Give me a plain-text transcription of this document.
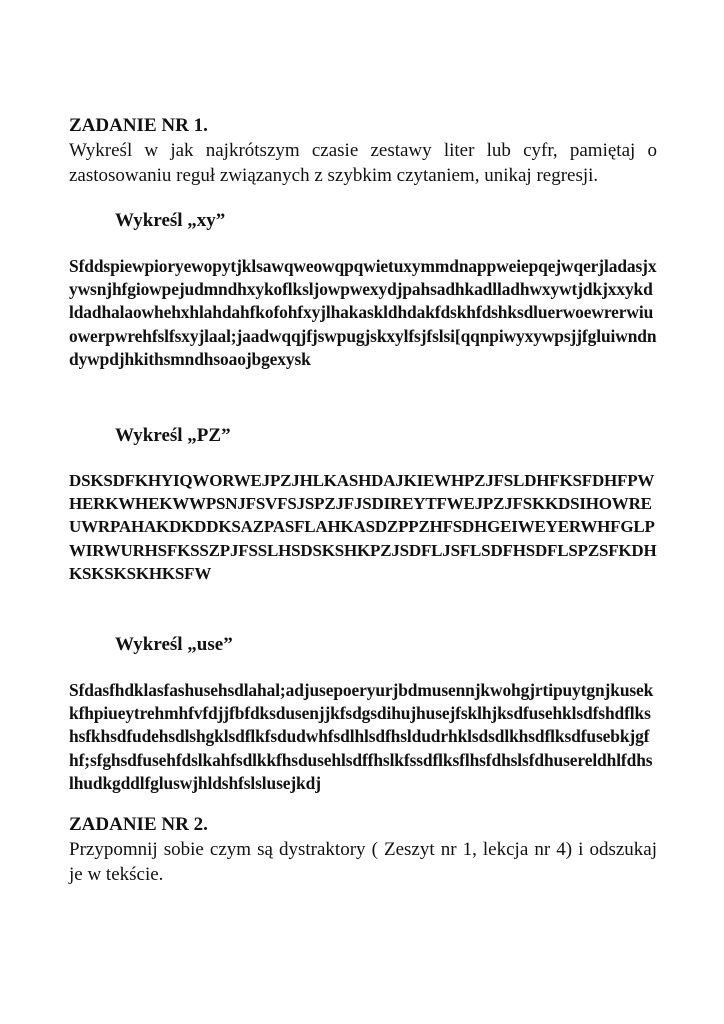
ZADANIE NR 1.

Wykreśl w jak najkrótszym czasie zestawy liter lub cyfr, pamiętaj o zastosowaniu reguł związanych z szybkim czytaniem, unikaj regresji.

Wykreśl „xy”

Sfddspiewpioryewopytjklsawqweowqpqwietuxymmdnappweiepqejwqerjladasjxywsnjhfgiowpejudmndhxykoflksljowpwexydjpahsadhkadlladhwxywtjdkjxxykdldadhalaowhehxhlahdahfkofohfxyjlhakaskldhdakfdskhfdshksdluerwoewrerwiuowerpwrehfslfsxyjlaal;jaadwqqjfjswpugjskxylfsjfslsi[qqnpiwyxywpsjjfgluiwndndywpdjhkithsmndhsoaojbgexysk

Wykreśl „PZ”

DSKSDFKHYIQWORWEJPZJHLKASHDAJKIEWHPZJFSLDHFKSFDHFPWHERKWHEKWWPSNJFSVFSJSPZJFJSDIREYTFWEJPZJFSKKDSIHOWREUWRPAHAKDKDDKSAZPASFLAHKASDZPPZHFSDHGEIWEYERWHFGLPWIRWURHSFKSSZPJFSSLHSDSKSHKPZJSDFLJSFLSDFHSDFLSPZSFKDHKSKSKSKHKSFW

Wykreśl „use”

Sfdasfhdklasfashusehsdlahal;adjusepoeryurjbdmusennjkwohgjrtipuytgnjkusekkfhpiueytrehmhfvfdjjfbfdksdusenjjkfsdgsdihujhusejfsklhjksdfusehklsdfshdflkshsfkhsdfudehsdlshgklsdflkfsdudwhfsdlhlsdfhsldudrhklsdsdlkhsdflksdfusebkjgfhf;sfghsdfusehfdslkahfsdlkkfhsdusehlsdffhslkfssdflksflhsfdhslsfdhusereldhlfdhslhudkgddlfgluswjhldshfslslusejkdj

ZADANIE NR 2.

Przypomnij sobie czym są dystraktory ( Zeszyt nr 1, lekcja nr 4) i odszukaj je w tekście.
